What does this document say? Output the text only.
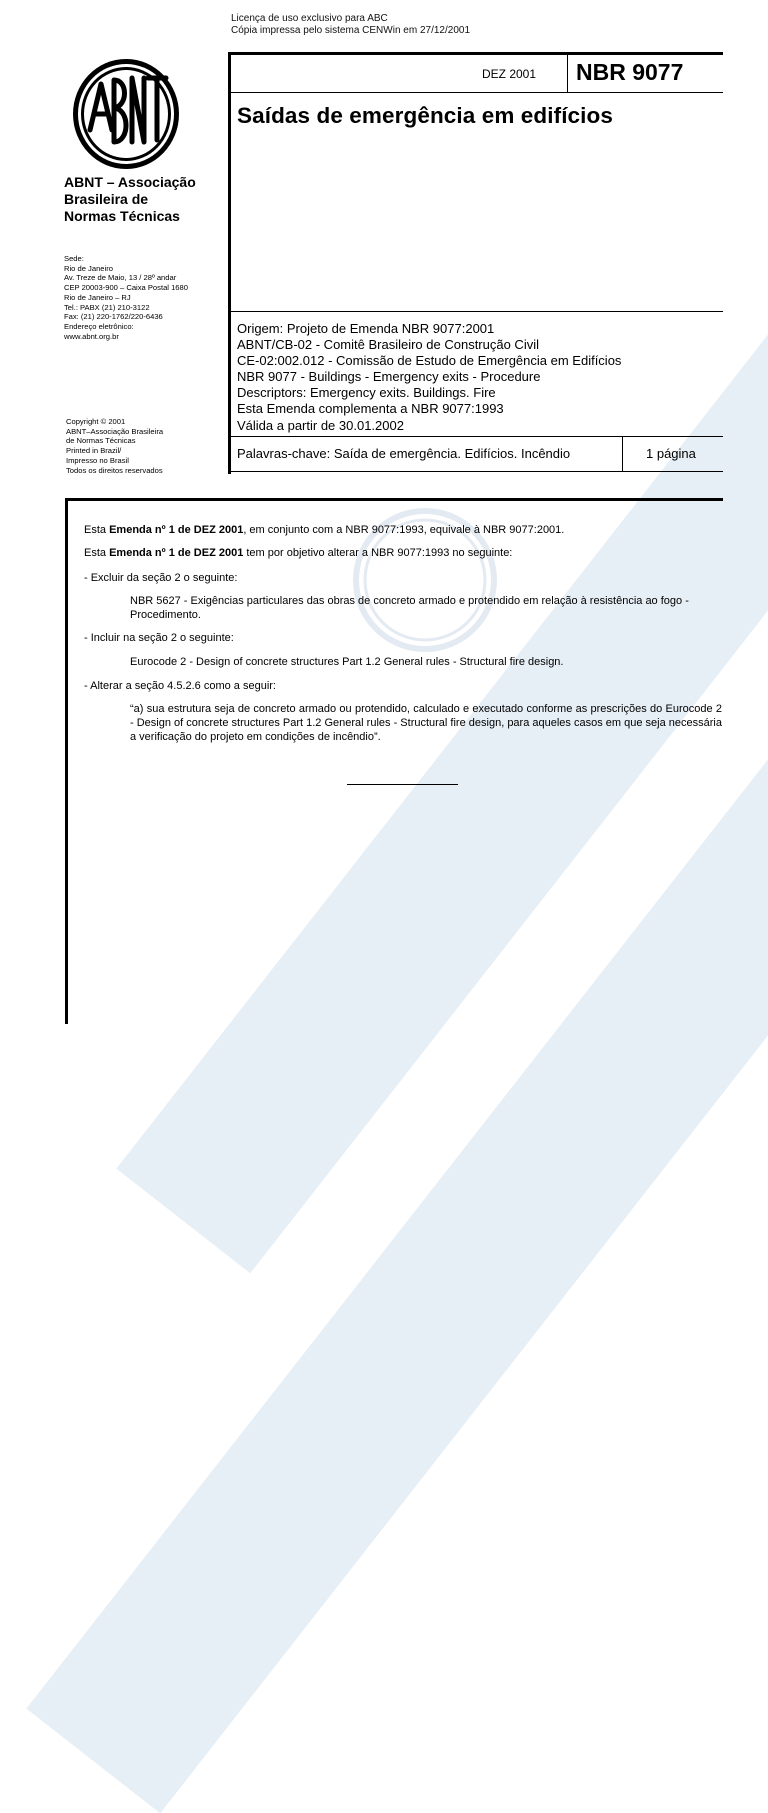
Licença de uso exclusivo para ABC
Cópia impressa pelo sistema CENWin em 27/12/2001
ABNT – Associação
Brasileira de
Normas Técnicas
Sede:
Rio de Janeiro
Av. Treze de Maio, 13 / 28º andar
CEP 20003-900 – Caixa Postal 1680
Rio de Janeiro – RJ
Tel.: PABX (21) 210-3122
Fax: (21) 220-1762/220-6436
Endereço eletrônico:
www.abnt.org.br
Copyright © 2001
ABNT–Associação Brasileira
de Normas Técnicas
Printed in Brazil/
Impresso no Brasil
Todos os direitos reservados
DEZ 2001 NBR 9077
Saídas de emergência em edifícios
Origem: Projeto de Emenda NBR 9077:2001
ABNT/CB-02 - Comitê Brasileiro de Construção Civil
CE-02:002.012 - Comissão de Estudo de Emergência em Edifícios
NBR 9077 - Buildings - Emergency exits - Procedure
Descriptors: Emergency exits. Buildings. Fire
Esta Emenda complementa a NBR 9077:1993
Válida a partir de 30.01.2002
Palavras-chave: Saída de emergência. Edifícios. Incêndio	1 página
Esta Emenda nº 1 de DEZ 2001, em conjunto com a NBR 9077:1993, equivale à NBR 9077:2001.
Esta Emenda nº 1 de DEZ 2001 tem por objetivo alterar a NBR 9077:1993 no seguinte:
- Excluir da seção 2 o seguinte:
NBR 5627 - Exigências particulares das obras de concreto armado e protendido em relação à resistência ao fogo - Procedimento.
- Incluir na seção 2 o seguinte:
Eurocode 2 - Design of concrete structures Part 1.2 General rules - Structural fire design.
- Alterar a seção 4.5.2.6 como a seguir:
“a) sua estrutura seja de concreto armado ou protendido, calculado e executado conforme as prescrições do Eurocode 2 - Design of concrete structures Part 1.2 General rules - Structural fire design, para aqueles casos em que seja necessária a verificação do projeto em condições de incêndio”.
